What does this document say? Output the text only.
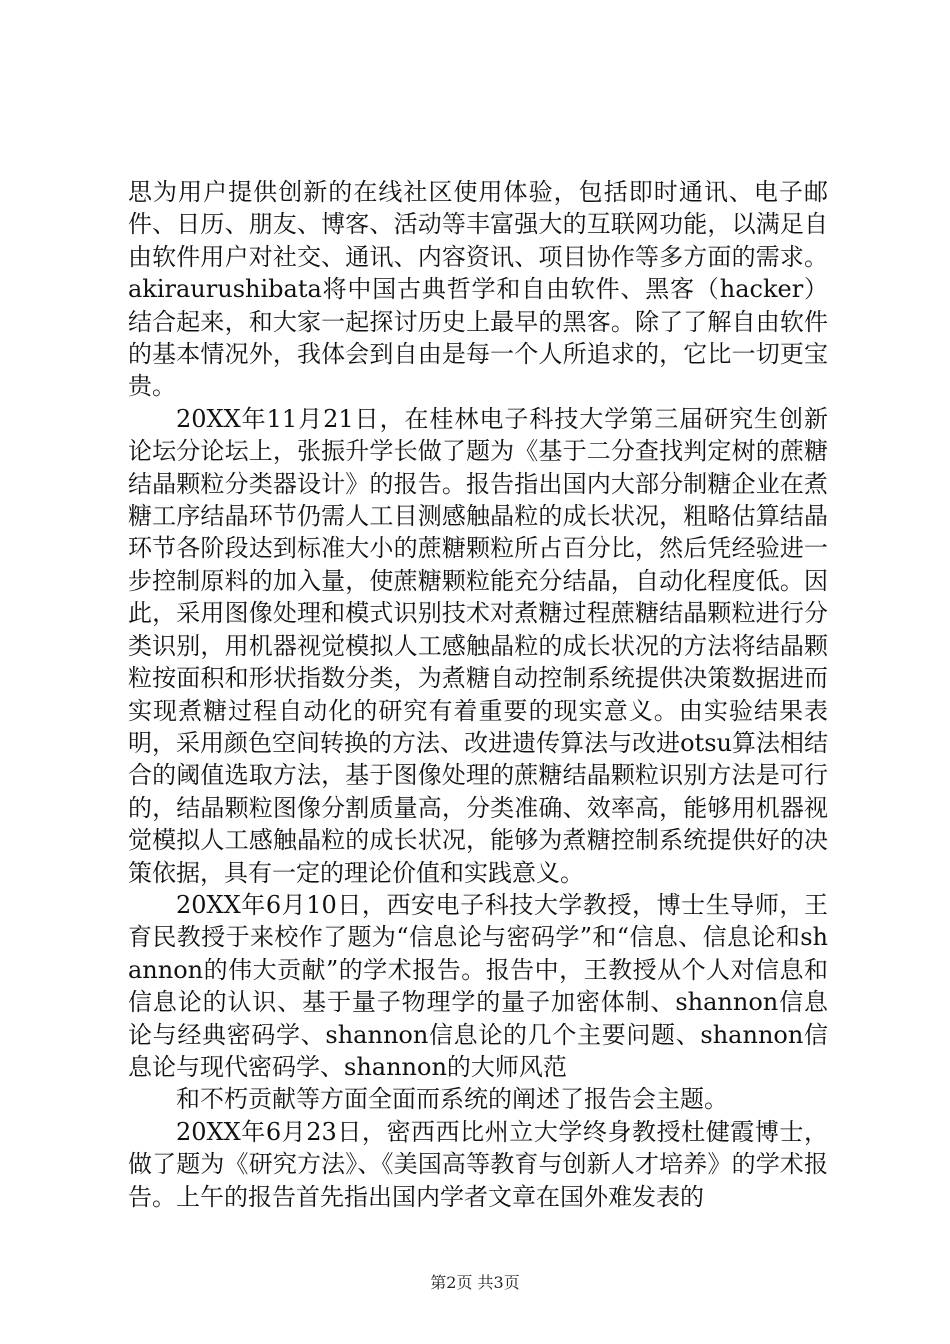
思为用户提供创新的在线社区使用体验，包括即时通讯、电子邮件、日历、朋友、博客、活动等丰富强大的互联网功能，以满足自由软件用户对社交、通讯、内容资讯、项目协作等多方面的需求。akiraurushibata将中国古典哲学和自由软件、黑客（hacker）结合起来，和大家一起探讨历史上最早的黑客。除了了解自由软件的基本情况外，我体会到自由是每一个人所追求的，它比一切更宝贵。

20XX年11月21日，在桂林电子科技大学第三届研究生创新论坛分论坛上，张振升学长做了题为《基于二分查找判定树的蔗糖结晶颗粒分类器设计》的报告。报告指出国内大部分制糖企业在煮糖工序结晶环节仍需人工目测感触晶粒的成长状况，粗略估算结晶环节各阶段达到标准大小的蔗糖颗粒所占百分比，然后凭经验进一步控制原料的加入量，使蔗糖颗粒能充分结晶，自动化程度低。因此，采用图像处理和模式识别技术对煮糖过程蔗糖结晶颗粒进行分类识别，用机器视觉模拟人工感触晶粒的成长状况的方法将结晶颗粒按面积和形状指数分类，为煮糖自动控制系统提供决策数据进而实现煮糖过程自动化的研究有着重要的现实意义。由实验结果表明，采用颜色空间转换的方法、改进遗传算法与改进otsu算法相结合的阈值选取方法，基于图像处理的蔗糖结晶颗粒识别方法是可行的，结晶颗粒图像分割质量高，分类准确、效率高，能够用机器视觉模拟人工感触晶粒的成长状况，能够为煮糖控制系统提供好的决策依据，具有一定的理论价值和实践意义。

20XX年6月10日，西安电子科技大学教授，博士生导师，王育民教授于来校作了题为“信息论与密码学”和“信息、信息论和shannon的伟大贡献”的学术报告。报告中，王教授从个人对信息和信息论的认识、基于量子物理学的量子加密体制、shannon信息论与经典密码学、shannon信息论的几个主要问题、shannon信息论与现代密码学、shannon的大师风范

和不朽贡献等方面全面而系统的阐述了报告会主题。

20XX年6月23日，密西西比州立大学终身教授杜健霞博士，做了题为《研究方法》、《美国高等教育与创新人才培养》的学术报告。上午的报告首先指出国内学者文章在国外难发表的

第2页 共3页
